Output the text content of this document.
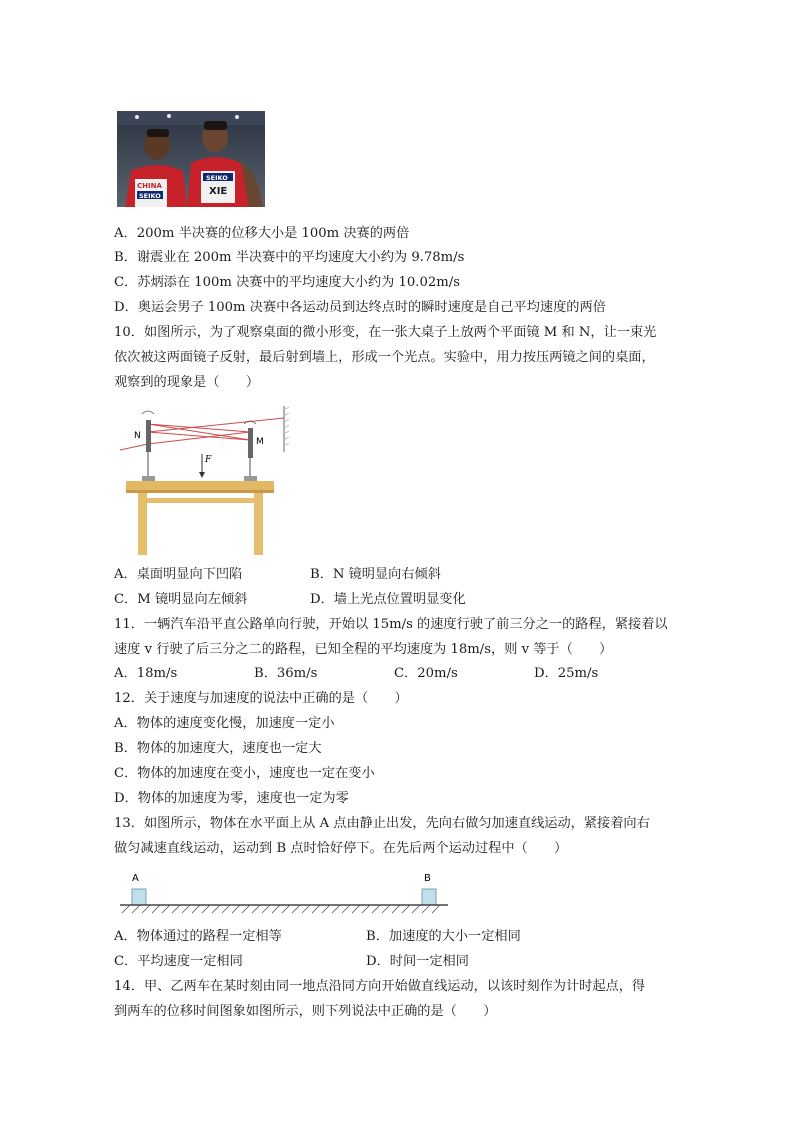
CHINA
SEIKO
SEIKO
XIE
A．200m 半决赛的位移大小是 100m 决赛的两倍
B．谢震业在 200m 半决赛中的平均速度大小约为 9.78m/s
C．苏炳添在 100m 决赛中的平均速度大小约为 10.02m/s
D．奥运会男子 100m 决赛中各运动员到达终点时的瞬时速度是自己平均速度的两倍
10．如图所示，为了观察桌面的微小形变，在一张大桌子上放两个平面镜 M 和 N，让一束光
依次被这两面镜子反射，最后射到墙上，形成一个光点。实验中，用力按压两镜之间的桌面，
观察到的现象是（　　）
N
M
F
A．桌面明显向下凹陷	B．N 镜明显向右倾斜
C．M 镜明显向左倾斜	D．墙上光点位置明显变化
11．一辆汽车沿平直公路单向行驶，开始以 15m/s 的速度行驶了前三分之一的路程，紧接着以
速度 v 行驶了后三分之二的路程，已知全程的平均速度为 18m/s，则 v 等于（　　）
A．18m/s	B．36m/s	C．20m/s	D．25m/s
12．关于速度与加速度的说法中正确的是（　　）
A．物体的速度变化慢，加速度一定小
B．物体的加速度大，速度也一定大
C．物体的加速度在变小，速度也一定在变小
D．物体的加速度为零，速度也一定为零
13．如图所示，物体在水平面上从 A 点由静止出发，先向右做匀加速直线运动，紧接着向右
做匀减速直线运动，运动到 B 点时恰好停下。在先后两个运动过程中（　　）
A	B
A．物体通过的路程一定相等	B．加速度的大小一定相同
C．平均速度一定相同	D．时间一定相同
14．甲、乙两车在某时刻由同一地点沿同方向开始做直线运动，以该时刻作为计时起点，得
到两车的位移时间图象如图所示，则下列说法中正确的是（　　）
